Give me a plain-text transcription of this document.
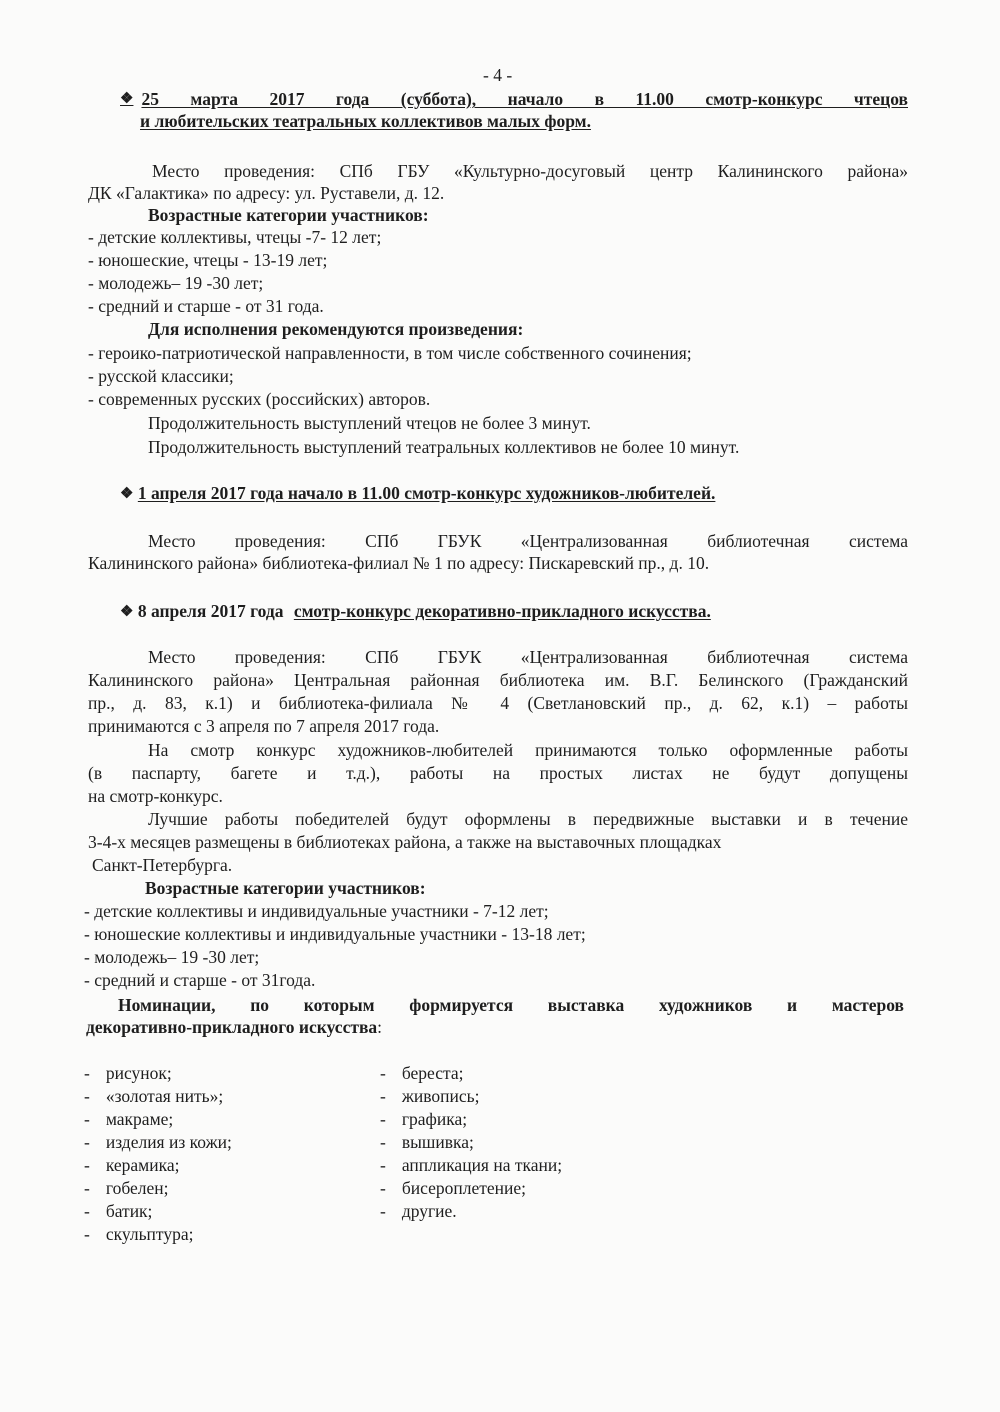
- 4 -
❖ 25 марта 2017 года (суббота), начало в 11.00 смотр-конкурс чтецов
и любительских театральных коллективов малых форм.
Место проведения: СПб ГБУ «Культурно-досуговый центр Калининского района»
ДК «Галактика» по адресу: ул. Руставели, д. 12.
Возрастные категории участников:
- детские коллективы, чтецы -7- 12 лет;
- юношеские, чтецы - 13-19 лет;
- молодежь– 19 -30 лет;
- средний и старше - от 31 года.
Для исполнения рекомендуются произведения:
- героико-патриотической направленности, в том числе собственного сочинения;
- русской классики;
- современных русских (российских) авторов.
Продолжительность выступлений чтецов не более 3 минут.
Продолжительность выступлений театральных коллективов не более 10 минут.
❖ 1 апреля 2017 года начало в 11.00 смотр-конкурс художников-любителей.
Место проведения: СПб ГБУК «Централизованная библиотечная система
Калининского района» библиотека-филиал № 1 по адресу: Пискаревский пр., д. 10.
❖ 8 апреля 2017 года смотр-конкурс декоративно-прикладного искусства.
Место проведения: СПб ГБУК «Централизованная библиотечная система
Калининского района» Центральная районная библиотека им. В.Г. Белинского (Гражданский
пр., д. 83, к.1) и библиотека-филиала № 4 (Светлановский пр., д. 62, к.1) – работы
принимаются с 3 апреля по 7 апреля 2017 года.
На смотр конкурс художников-любителей принимаются только оформленные работы
(в паспарту, багете и т.д.), работы на простых листах не будут допущены
на смотр-конкурс.
Лучшие работы победителей будут оформлены в передвижные выставки и в течение
3-4-х месяцев размещены в библиотеках района, а также на выставочных площадках
Санкт-Петербурга.
Возрастные категории участников:
- детские коллективы и индивидуальные участники - 7-12 лет;
- юношеские коллективы и индивидуальные участники - 13-18 лет;
- молодежь– 19 -30 лет;
- средний и старше - от 31года.
Номинации, по которым формируется выставка художников и мастеров
декоративно-прикладного искусства:
- рисунок;
- «золотая нить»;
- макраме;
- изделия из кожи;
- керамика;
- гобелен;
- батик;
- скульптура;
- береста;
- живопись;
- графика;
- вышивка;
- аппликация на ткани;
- бисероплетение;
- другие.
